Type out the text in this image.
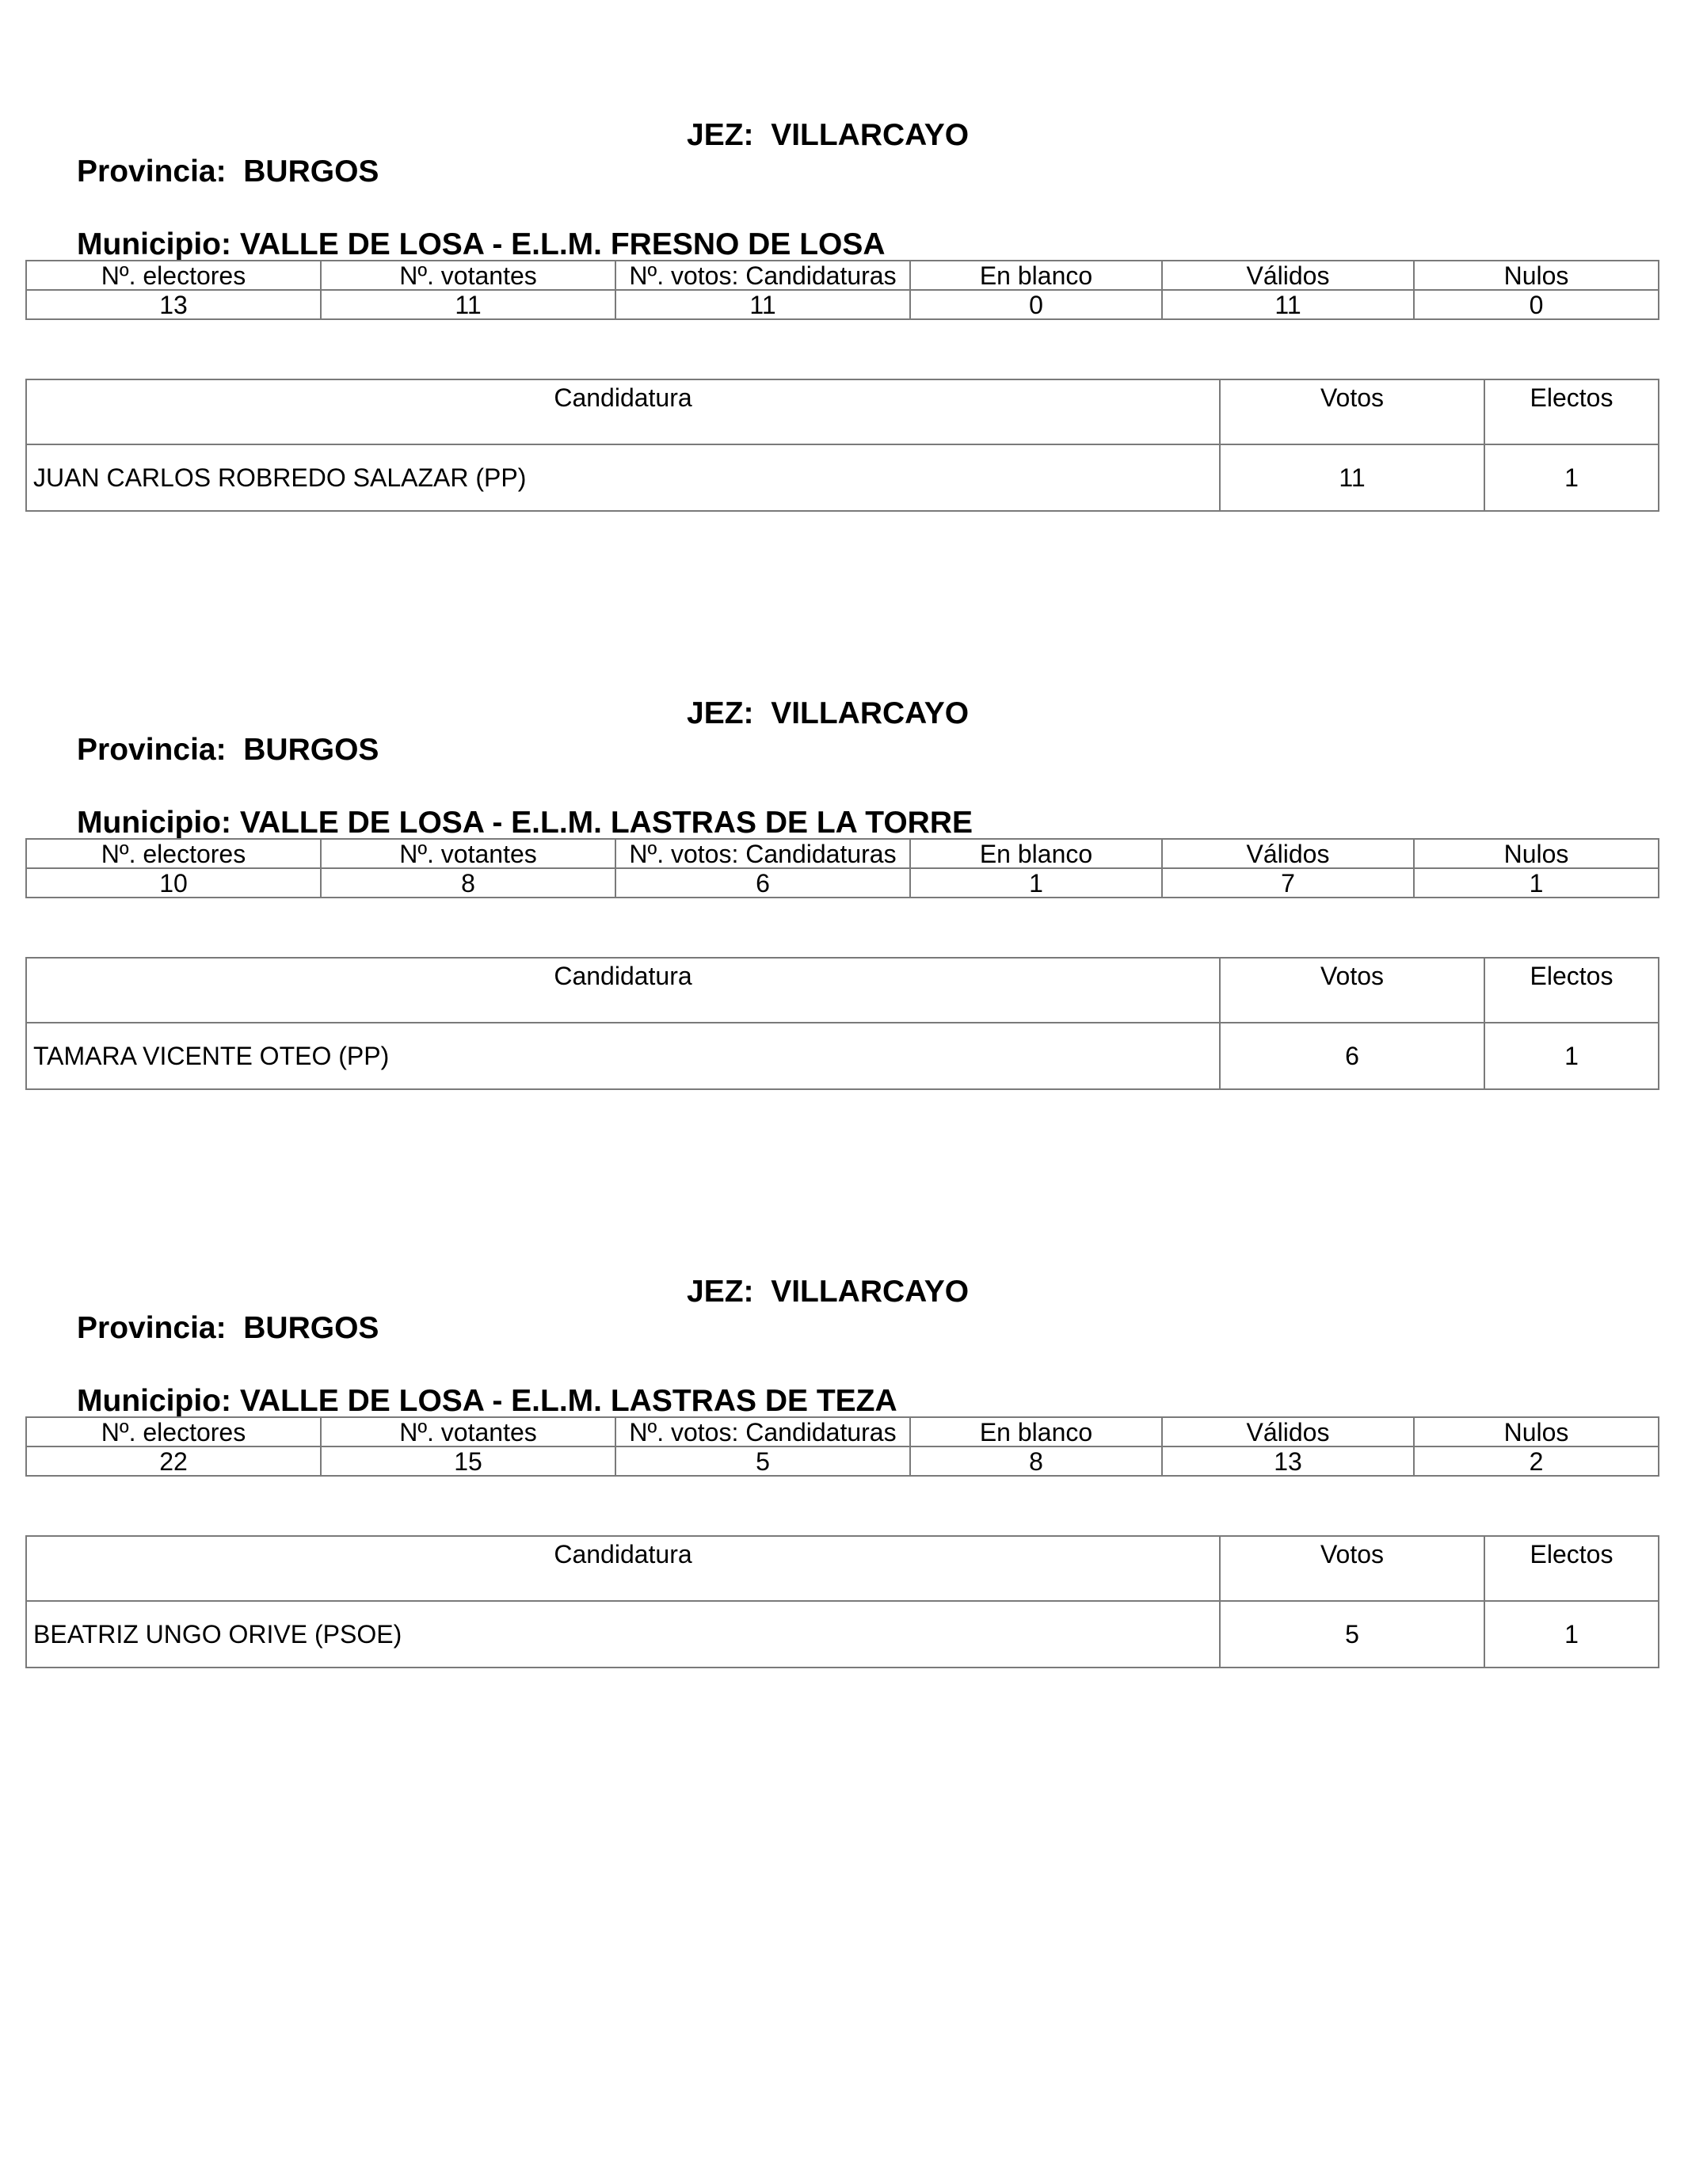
Provincia: BURGOS

JEZ: VILLARCAYO

Municipio: VALLE DE LOSA - E.L.M. FRESNO DE LOSA

Nº. electores	Nº. votantes	Nº. votos: Candidaturas	En blanco	Válidos	Nulos
13	11	11	0	11	0
Candidatura	Votos	Electos
JUAN CARLOS ROBREDO SALAZAR (PP)	11	1

Provincia: BURGOS

JEZ: VILLARCAYO

Municipio: VALLE DE LOSA - E.L.M. LASTRAS DE LA TORRE

Nº. electores	Nº. votantes	Nº. votos: Candidaturas	En blanco	Válidos	Nulos
10	8	6	1	7	1
Candidatura	Votos	Electos
TAMARA VICENTE OTEO (PP)	6	1

Provincia: BURGOS

JEZ: VILLARCAYO

Municipio: VALLE DE LOSA - E.L.M. LASTRAS DE TEZA

Nº. electores	Nº. votantes	Nº. votos: Candidaturas	En blanco	Válidos	Nulos
22	15	5	8	13	2
Candidatura	Votos	Electos
BEATRIZ UNGO ORIVE (PSOE)	5	1
